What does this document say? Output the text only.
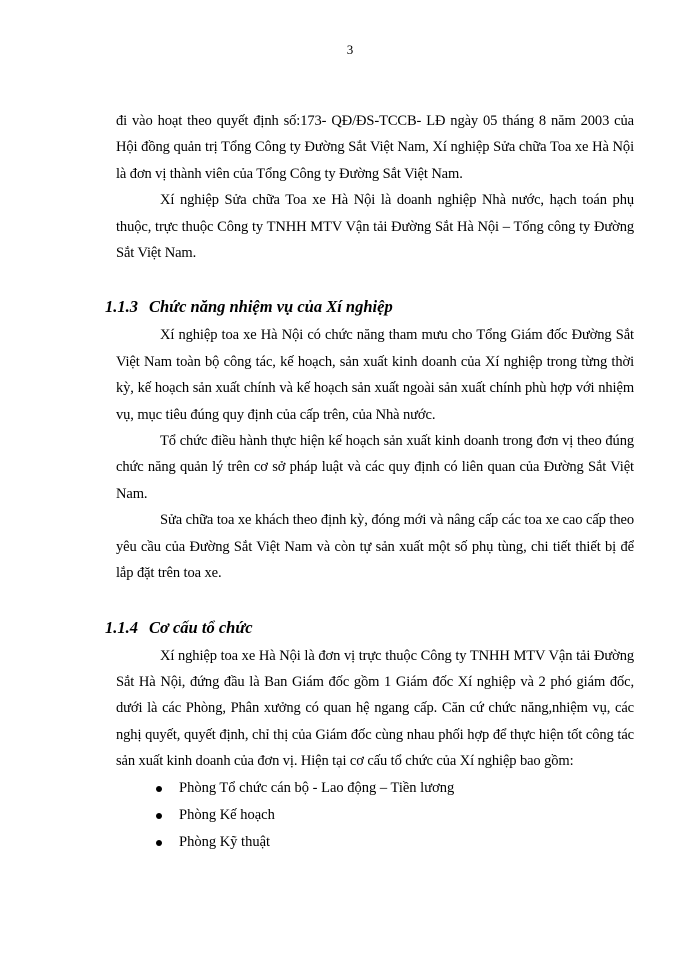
3

đi vào hoạt theo quyết định số:173- QĐ/ĐS-TCCB- LĐ ngày 05 tháng 8 năm 2003 của Hội đồng quản trị Tổng Công ty Đường Sắt Việt Nam, Xí nghiệp Sửa chữa Toa xe Hà Nội là đơn vị thành viên của Tổng Công ty Đường Sắt Việt Nam.

Xí nghiệp Sửa chữa Toa xe Hà Nội là doanh nghiệp Nhà nước, hạch toán phụ thuộc, trực thuộc Công ty TNHH MTV Vận tải Đường Sắt Hà Nội – Tổng công ty Đường Sắt Việt Nam.

1.1.3 Chức năng nhiệm vụ của Xí nghiệp

Xí nghiệp toa xe Hà Nội có chức năng tham mưu cho Tổng Giám đốc Đường Sắt Việt Nam toàn bộ công tác, kế hoạch, sản xuất kinh doanh của Xí nghiệp trong từng thời kỳ, kế hoạch sản xuất chính và kế hoạch sản xuất ngoài sản xuất chính phù hợp với nhiệm vụ, mục tiêu đúng quy định của cấp trên, của Nhà nước.

Tổ chức điều hành thực hiện kế hoạch sản xuất kinh doanh trong đơn vị theo đúng chức năng quản lý trên cơ sở pháp luật và các quy định có liên quan của Đường Sắt Việt Nam.

Sửa chữa toa xe khách theo định kỳ, đóng mới và nâng cấp các toa xe cao cấp theo yêu cầu của Đường Sắt Việt Nam và còn tự sản xuất một số phụ tùng, chi tiết thiết bị để lắp đặt trên toa xe.

1.1.4 Cơ cấu tổ chức

Xí nghiệp toa xe Hà Nội là đơn vị trực thuộc Công ty TNHH MTV Vận tải Đường Sắt Hà Nội, đứng đầu là Ban Giám đốc gồm 1 Giám đốc Xí nghiệp và 2 phó giám đốc, dưới là các Phòng, Phân xưởng có quan hệ ngang cấp. Căn cứ chức năng,nhiệm vụ, các nghị quyết, quyết định, chỉ thị của Giám đốc cùng nhau phối hợp để thực hiện tốt công tác sản xuất kinh doanh của đơn vị. Hiện tại cơ cấu tổ chức của Xí nghiệp bao gồm:

Phòng Tổ chức cán bộ - Lao động – Tiền lương
Phòng Kế hoạch
Phòng Kỹ thuật
